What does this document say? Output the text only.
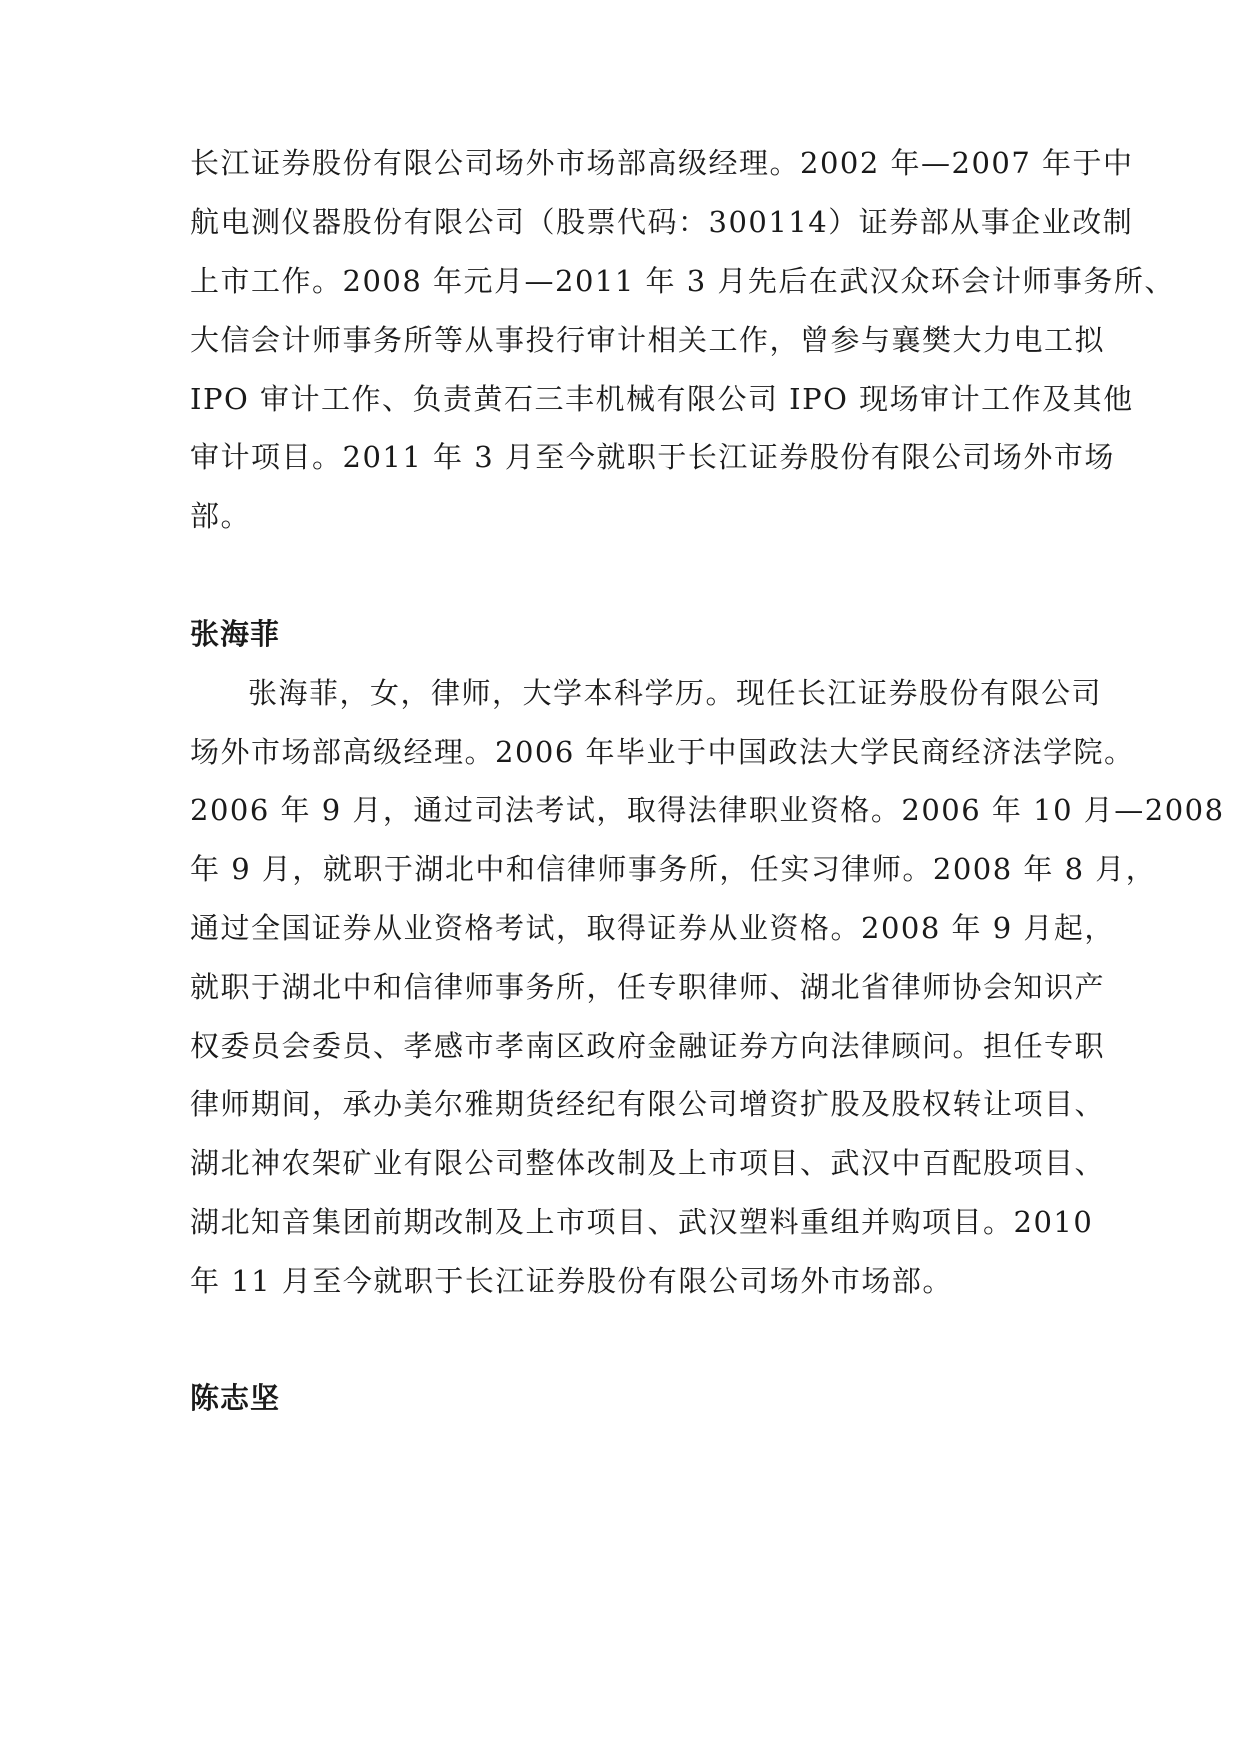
长江证券股份有限公司场外市场部高级经理。2002 年—2007 年于中
航电测仪器股份有限公司（股票代码：300114）证券部从事企业改制
上市工作。2008 年元月—2011 年 3 月先后在武汉众环会计师事务所、
大信会计师事务所等从事投行审计相关工作，曾参与襄樊大力电工拟
IPO 审计工作、负责黄石三丰机械有限公司 IPO 现场审计工作及其他
审计项目。2011 年 3 月至今就职于长江证券股份有限公司场外市场
部。
张海菲
张海菲，女，律师，大学本科学历。现任长江证券股份有限公司
场外市场部高级经理。2006 年毕业于中国政法大学民商经济法学院。
2006 年 9 月，通过司法考试，取得法律职业资格。2006 年 10 月—2008
年 9 月，就职于湖北中和信律师事务所，任实习律师。2008 年 8 月，
通过全国证券从业资格考试，取得证券从业资格。2008 年 9 月起，
就职于湖北中和信律师事务所，任专职律师、湖北省律师协会知识产
权委员会委员、孝感市孝南区政府金融证券方向法律顾问。担任专职
律师期间，承办美尔雅期货经纪有限公司增资扩股及股权转让项目、
湖北神农架矿业有限公司整体改制及上市项目、武汉中百配股项目、
湖北知音集团前期改制及上市项目、武汉塑料重组并购项目。2010
年 11 月至今就职于长江证券股份有限公司场外市场部。
陈志坚
